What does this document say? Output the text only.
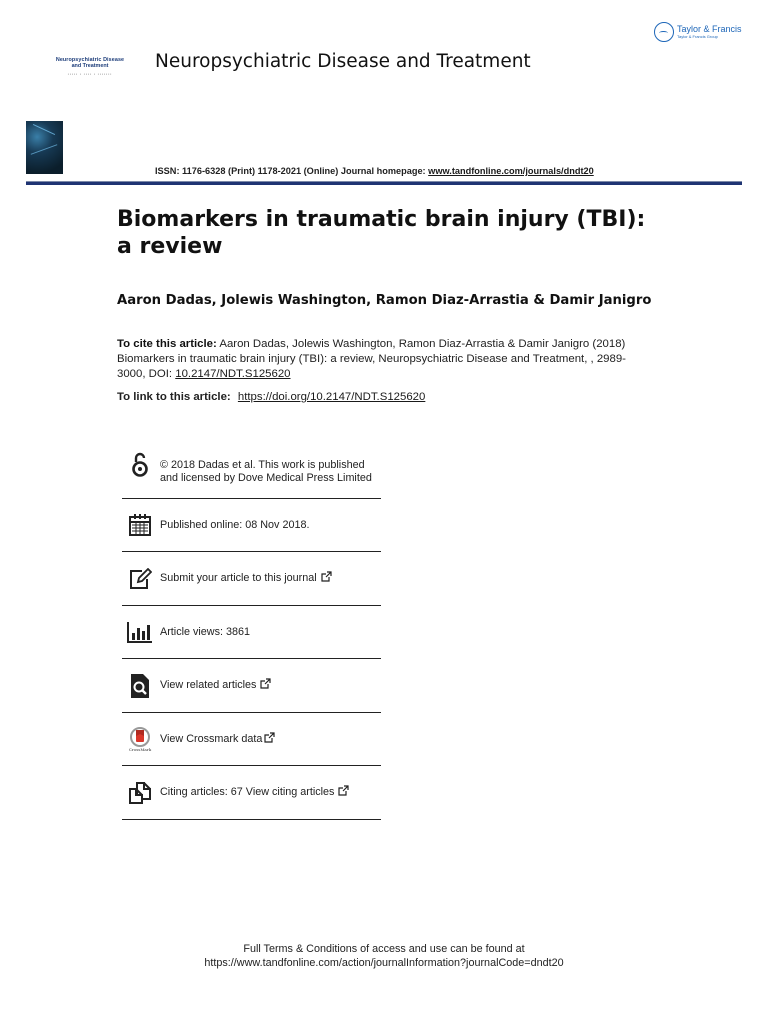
Taylor & Francis
Taylor & Francis Group
Neuropsychiatric Disease
and Treatment
▪▪▪▪▪ ▪ ▪▪▪▪ ▪ ▪▪▪▪▪▪▪
Neuropsychiatric Disease and Treatment
ISSN: 1176-6328 (Print) 1178-2021 (Online) Journal homepage: www.tandfonline.com/journals/dndt20
Biomarkers in traumatic brain injury (TBI): a review
Aaron Dadas, Jolewis Washington, Ramon Diaz-Arrastia & Damir Janigro
To cite this article: Aaron Dadas, Jolewis Washington, Ramon Diaz-Arrastia & Damir Janigro (2018) Biomarkers in traumatic brain injury (TBI): a review, Neuropsychiatric Disease and Treatment, , 2989-3000, DOI: 10.2147/NDT.S125620
To link to this article: https://doi.org/10.2147/NDT.S125620
© 2018 Dadas et al. This work is published
and licensed by Dove Medical Press Limited
Published online: 08 Nov 2018.
Submit your article to this journal
Article views: 3861
View related articles
CrossMark
View Crossmark data
Citing articles: 67 View citing articles
Full Terms & Conditions of access and use can be found at
https://www.tandfonline.com/action/journalInformation?journalCode=dndt20
